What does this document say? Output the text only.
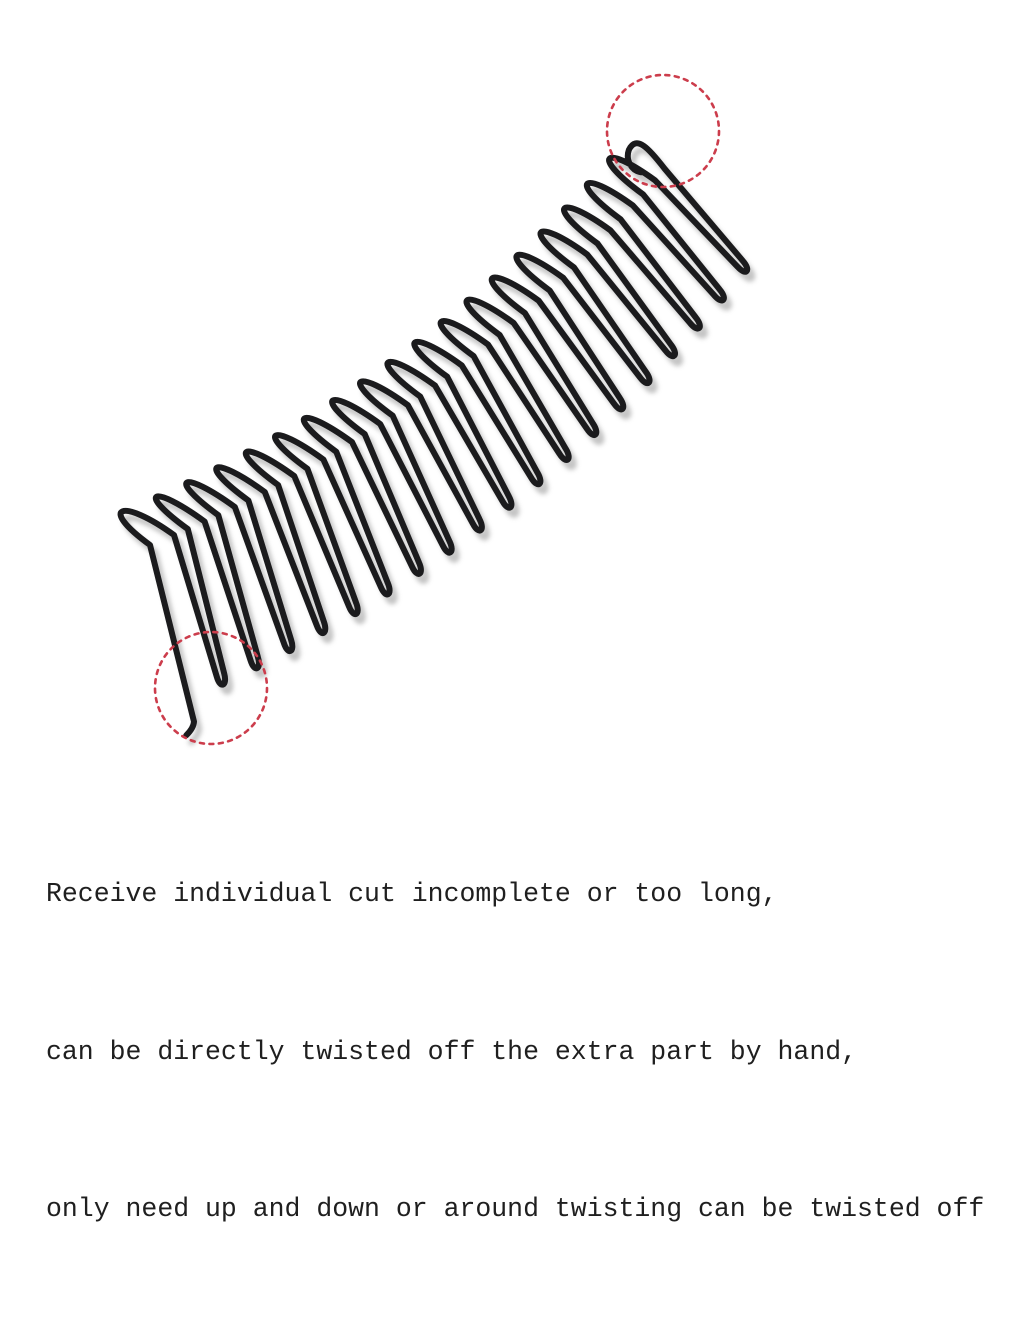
Receive individual cut incomplete or too long,

can be directly twisted off the extra part by hand,

only need up and down or around twisting can be twisted off
